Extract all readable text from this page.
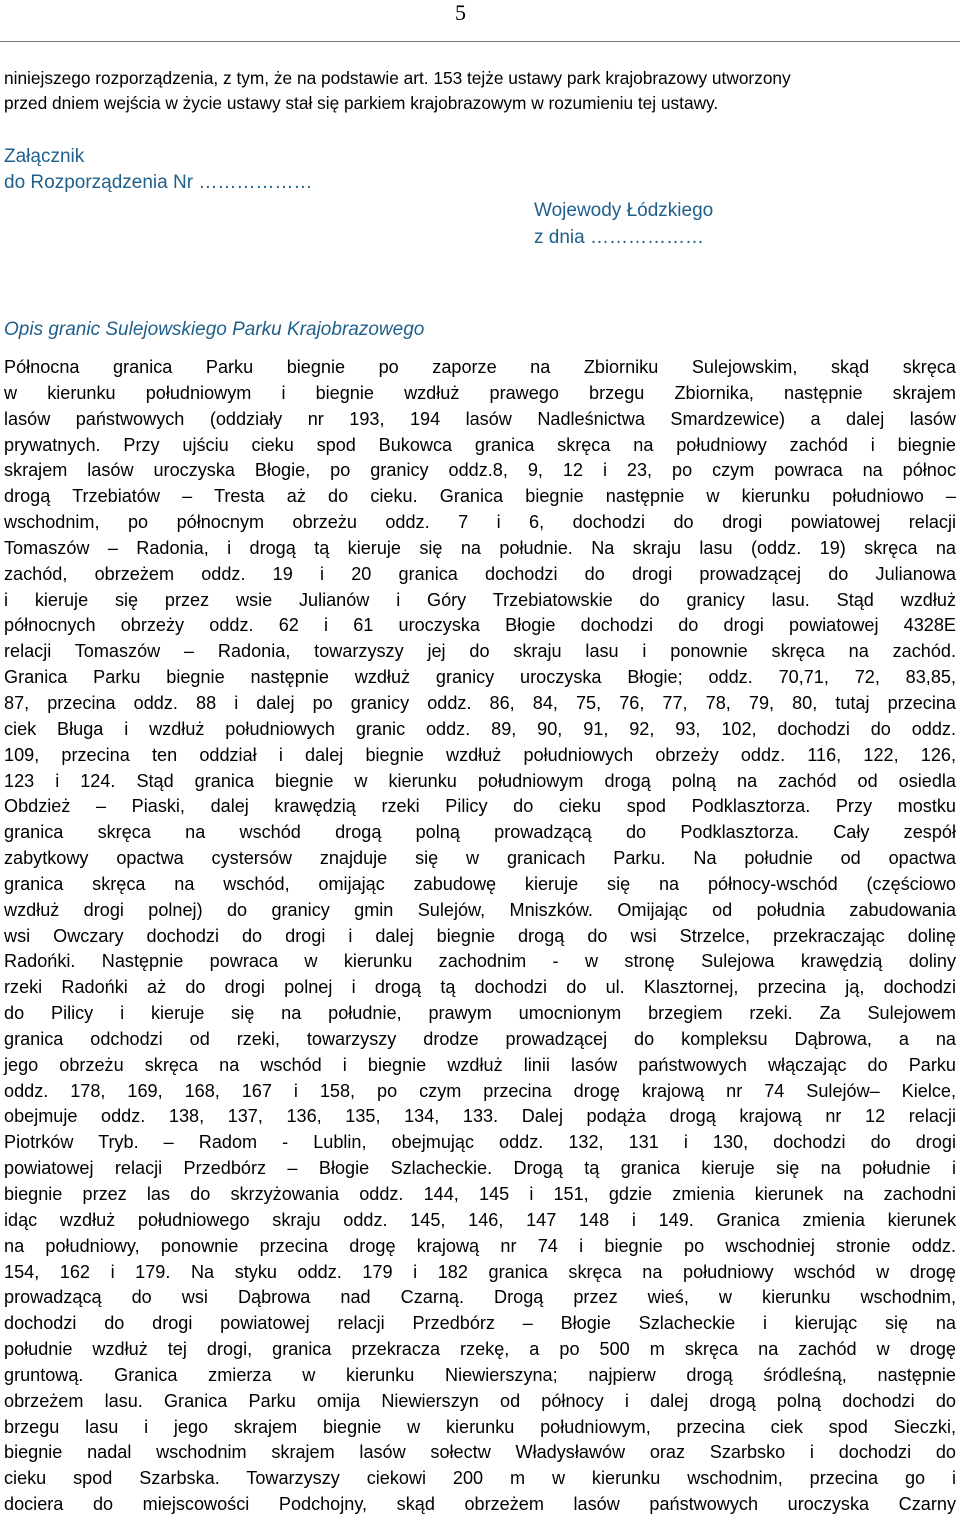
5
niniejszego rozporządzenia, z tym, że na podstawie art. 153 tejże ustawy park krajobrazowy utworzony
przed dniem wejścia w życie ustawy stał się parkiem krajobrazowym w rozumieniu tej ustawy.
Załącznik
do Rozporządzenia Nr ………………
Wojewody Łódzkiego
z dnia ………………
Opis granic Sulejowskiego Parku Krajobrazowego
Północna granica Parku biegnie po zaporze na Zbiorniku Sulejowskim, skąd skręca
w kierunku południowym i biegnie wzdłuż prawego brzegu Zbiornika, następnie skrajem
lasów państwowych (oddziały nr 193, 194 lasów Nadleśnictwa Smardzewice) a dalej lasów
prywatnych. Przy ujściu cieku spod Bukowca granica skręca na południowy zachód i biegnie
skrajem lasów uroczyska Błogie, po granicy oddz.8, 9, 12 i 23, po czym powraca na północ
drogą Trzebiatów – Tresta aż do cieku. Granica biegnie następnie w kierunku południowo –
wschodnim, po północnym obrzeżu oddz. 7 i 6, dochodzi do drogi powiatowej relacji
Tomaszów – Radonia, i drogą tą kieruje się na południe. Na skraju lasu (oddz. 19) skręca na
zachód, obrzeżem oddz. 19 i 20 granica dochodzi do drogi prowadzącej do Julianowa
i kieruje się przez wsie Julianów i Góry Trzebiatowskie do granicy lasu. Stąd wzdłuż
północnych obrzeży oddz. 62 i 61 uroczyska Błogie dochodzi do drogi powiatowej 4328E
relacji Tomaszów – Radonia, towarzyszy jej do skraju lasu i ponownie skręca na zachód.
Granica Parku biegnie następnie wzdłuż granicy uroczyska Błogie; oddz. 70,71, 72, 83,85,
87, przecina oddz. 88 i dalej po granicy oddz. 86, 84, 75, 76, 77, 78, 79, 80, tutaj przecina
ciek Bługa i wzdłuż południowych granic oddz. 89, 90, 91, 92, 93, 102, dochodzi do oddz.
109, przecina ten oddział i dalej biegnie wzdłuż południowych obrzeży oddz. 116, 122, 126,
123 i 124. Stąd granica biegnie w kierunku południowym drogą polną na zachód od osiedla
Obdzież – Piaski, dalej krawędzią rzeki Pilicy do cieku spod Podklasztorza. Przy mostku
granica skręca na wschód drogą polną prowadzącą do Podklasztorza. Cały zespół
zabytkowy opactwa cystersów znajduje się w granicach Parku. Na południe od opactwa
granica skręca na wschód, omijając zabudowę kieruje się na północy-wschód (częściowo
wzdłuż drogi polnej) do granicy gmin Sulejów, Mniszków. Omijając od południa zabudowania
wsi Owczary dochodzi do drogi i dalej biegnie drogą do wsi Strzelce, przekraczając dolinę
Radońki. Następnie powraca w kierunku zachodnim - w stronę Sulejowa krawędzią doliny
rzeki Radońki aż do drogi polnej i drogą tą dochodzi do ul. Klasztornej, przecina ją, dochodzi
do Pilicy i kieruje się na południe, prawym umocnionym brzegiem rzeki. Za Sulejowem
granica odchodzi od rzeki, towarzyszy drodze prowadzącej do kompleksu Dąbrowa, a na
jego obrzeżu skręca na wschód i biegnie wzdłuż linii lasów państwowych włączając do Parku
oddz. 178, 169, 168, 167 i 158, po czym przecina drogę krajową nr 74 Sulejów– Kielce,
obejmuje oddz. 138, 137, 136, 135, 134, 133. Dalej podąża drogą krajową nr 12 relacji
Piotrków Tryb. – Radom - Lublin, obejmując oddz. 132, 131 i 130, dochodzi do drogi
powiatowej relacji Przedbórz – Błogie Szlacheckie. Drogą tą granica kieruje się na południe i
biegnie przez las do skrzyżowania oddz. 144, 145 i 151, gdzie zmienia kierunek na zachodni
idąc wzdłuż południowego skraju oddz. 145, 146, 147 148 i 149. Granica zmienia kierunek
na południowy, ponownie przecina drogę krajową nr 74 i biegnie po wschodniej stronie oddz.
154, 162 i 179. Na styku oddz. 179 i 182 granica skręca na południowy wschód w drogę
prowadzącą do wsi Dąbrowa nad Czarną. Drogą przez wieś, w kierunku wschodnim,
dochodzi do drogi powiatowej relacji Przedbórz – Błogie Szlacheckie i kierując się na
południe wzdłuż tej drogi, granica przekracza rzekę, a po 500 m skręca na zachód w drogę
gruntową. Granica zmierza w kierunku Niewierszyna; najpierw drogą śródleśną, następnie
obrzeżem lasu. Granica Parku omija Niewierszyn od północy i dalej drogą polną dochodzi do
brzegu lasu i jego skrajem biegnie w kierunku południowym, przecina ciek spod Sieczki,
biegnie nadal wschodnim skrajem lasów sołectw Władysławów oraz Szarbsko i dochodzi do
cieku spod Szarbska. Towarzyszy ciekowi 200 m w kierunku wschodnim, przecina go i
dociera do miejscowości Podchojny, skąd obrzeżem lasów państwowych uroczyska Czarny
